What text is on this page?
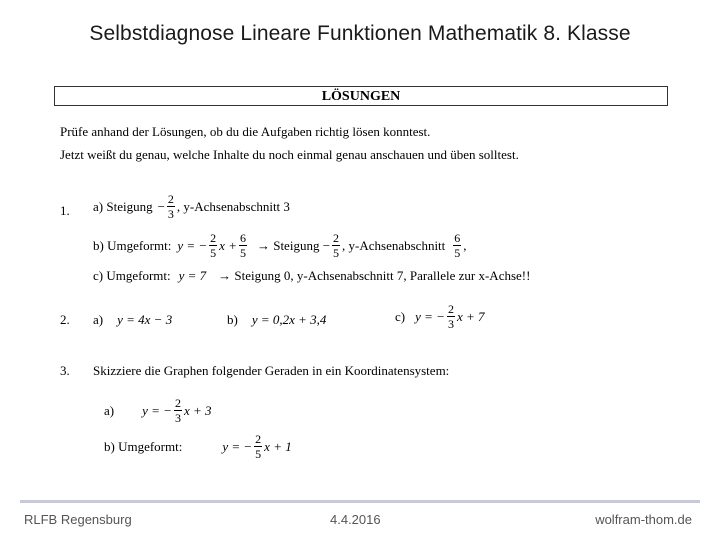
Selbstdiagnose Lineare Funktionen Mathematik 8. Klasse
LÖSUNGEN
Prüfe anhand der Lösungen, ob du die Aufgaben richtig lösen konntest.
Jetzt weißt du genau, welche Inhalte du noch einmal genau anschauen und üben solltest.
1. a) Steigung − $\frac{2}{3}$ , y-Achsenabschnitt 3
b) Umgeformt: y = − $\frac{2}{5}$ $x + \frac{6}{5}$ → Steigung − $\frac{2}{5}$ , y-Achsenabschnitt $\frac{6}{5}$ ,
c) Umgeformt: y = 7 → Steigung 0, y-Achsenabschnitt 7, Parallele zur x-Achse!!
2. a) y = 4x − 3	b) y = 0,2x + 3,4	c) y = − $\frac{2}{3}$ x + 7
3. Skizziere die Graphen folgender Geraden in ein Koordinatensystem:
a) y = − $\frac{2}{3}$ x + 3
b) Umgeformt:	y = − $\frac{2}{5}$ x + 1
RLFB Regensburg	4.4.2016	wolfram-thom.de
